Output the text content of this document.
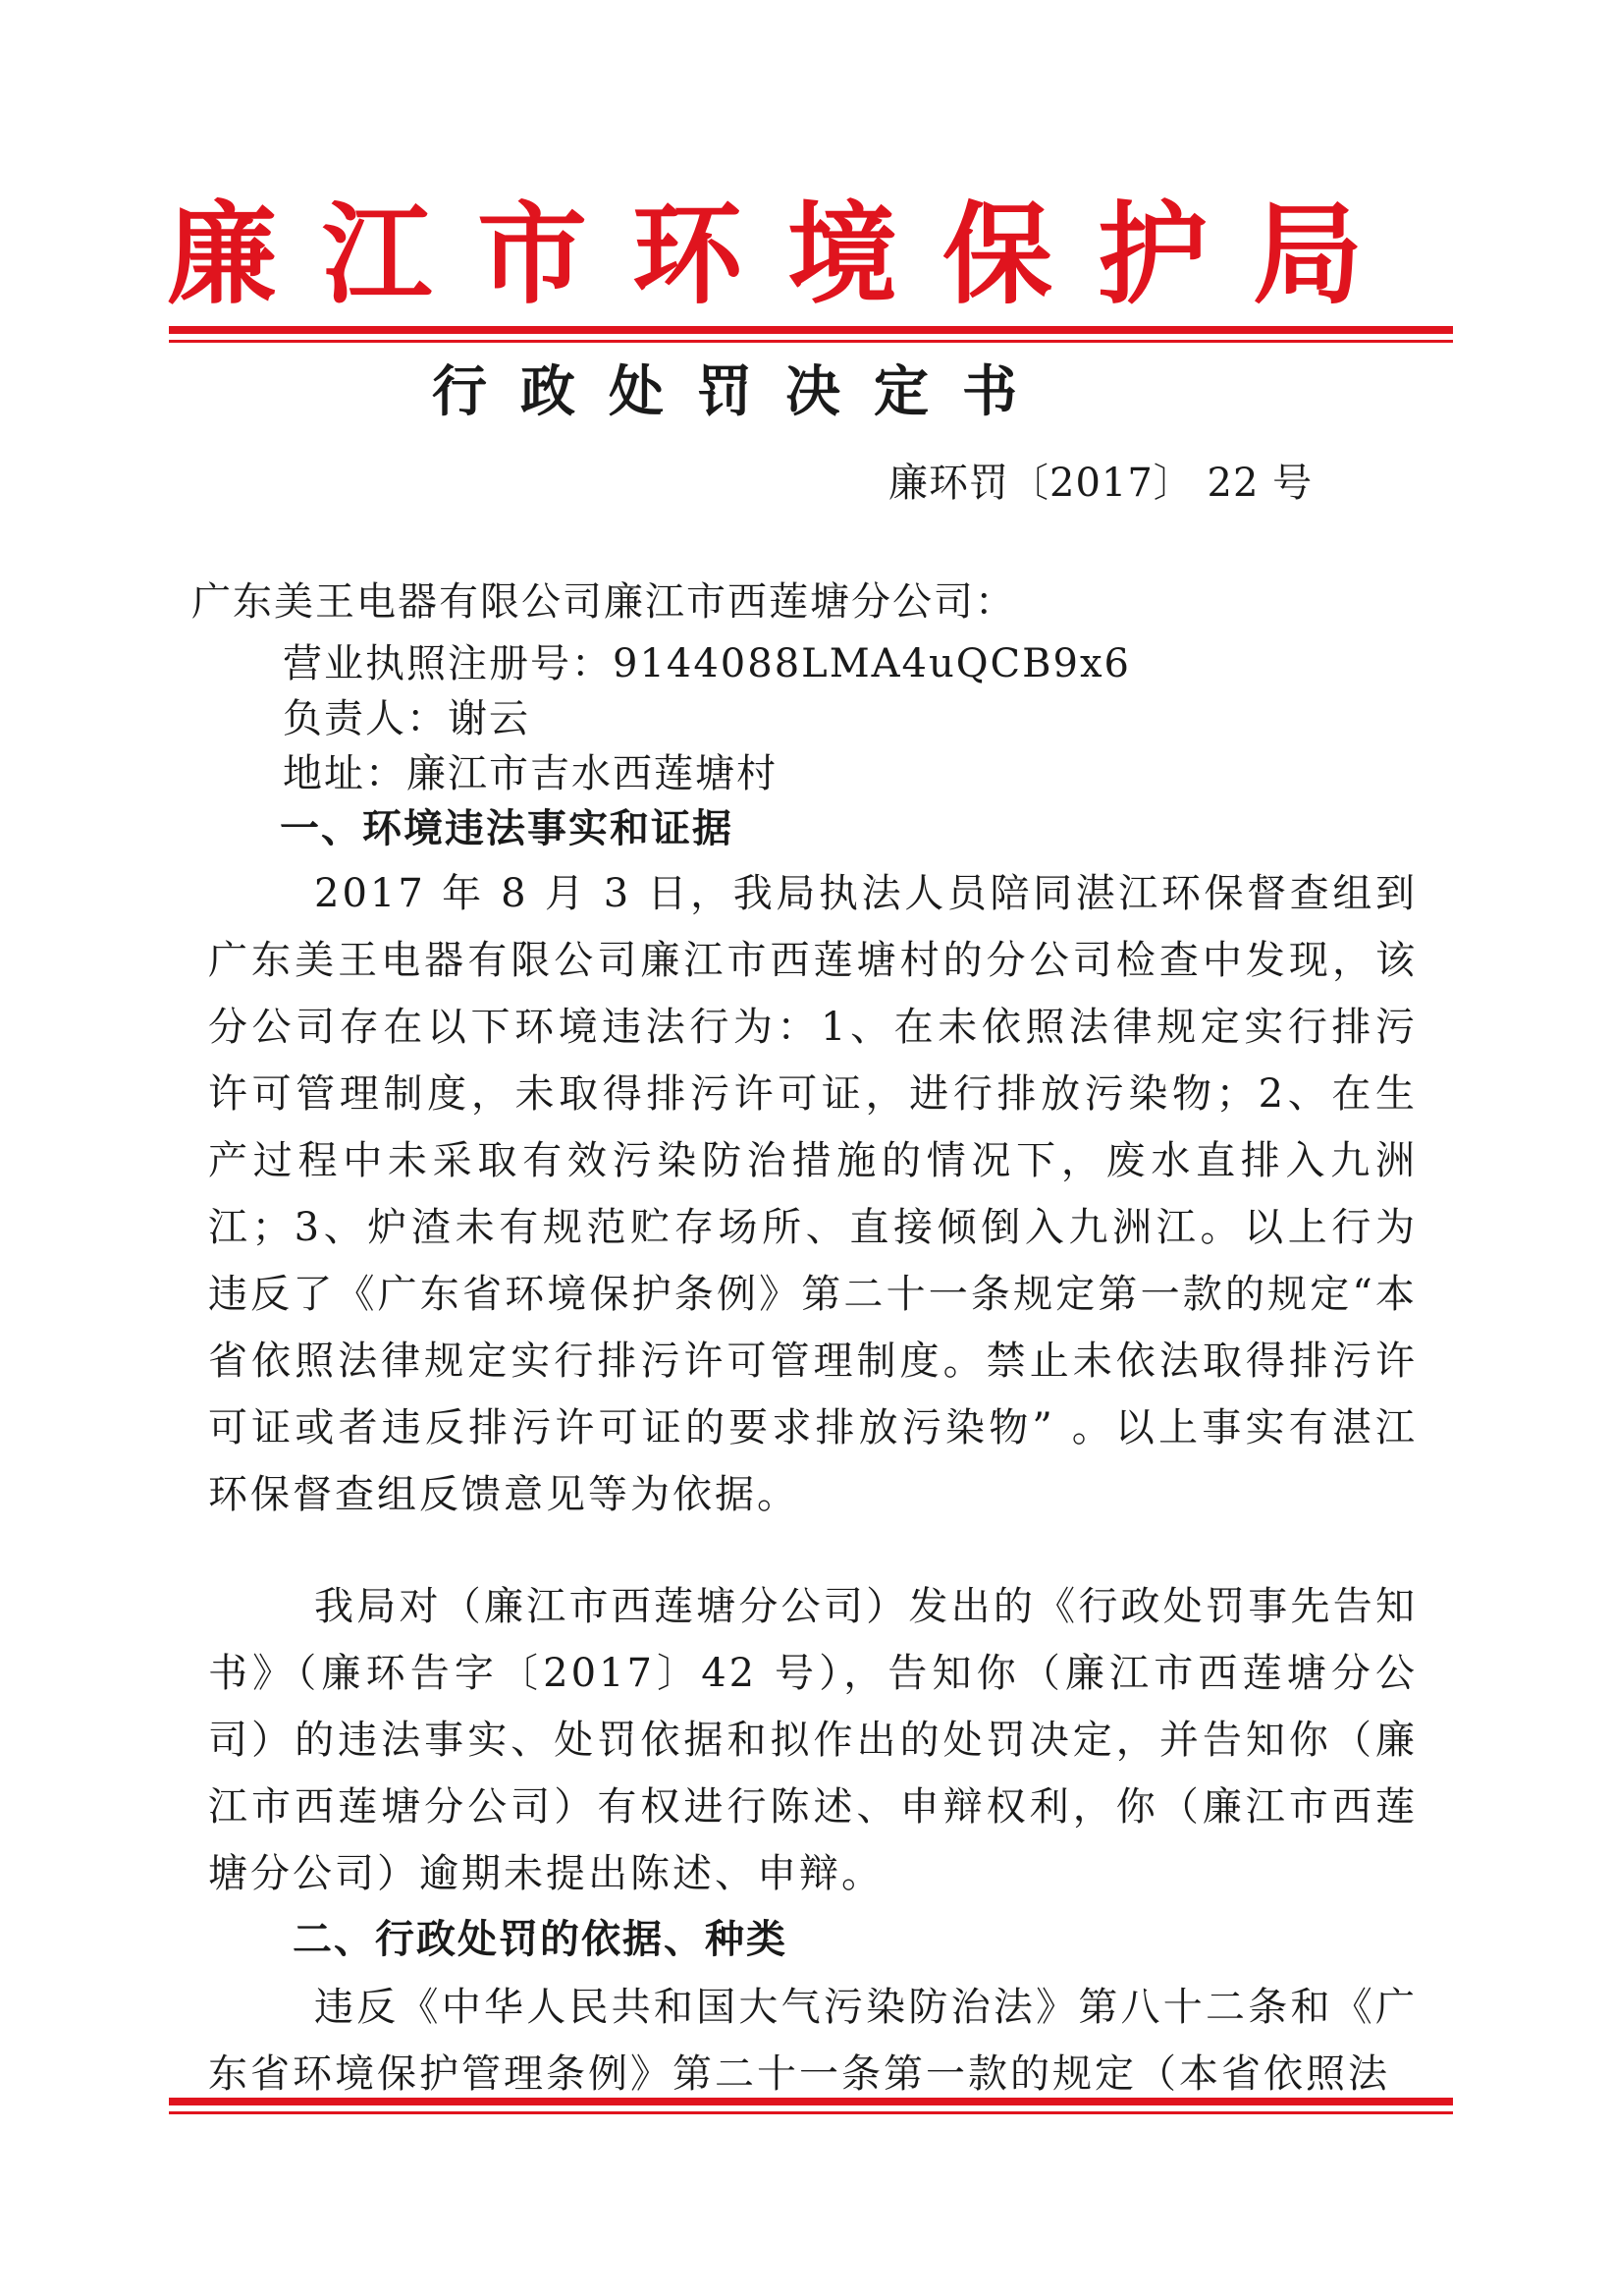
廉江市环境保护局
行政处罚决定书
廉环罚〔2017〕 22 号
广东美王电器有限公司廉江市西莲塘分公司：
营业执照注册号：9144088LMA4uQCB9x6
负责人：谢云
地址：廉江市吉水西莲塘村
一、环境违法事实和证据

2017 年 8 月 3 日，我局执法人员陪同湛江环保督查组到广东美王电器有限公司廉江市西莲塘村的分公司检查中发现，该分公司存在以下环境违法行为：1、在未依照法律规定实行排污许可管理制度，未取得排污许可证，进行排放污染物；2、在生产过程中未采取有效污染防治措施的情况下，废水直排入九洲江；3、炉渣未有规范贮存场所、直接倾倒入九洲江。以上行为违反了《广东省环境保护条例》第二十一条规定第一款的规定“本省依照法律规定实行排污许可管理制度。禁止未依法取得排污许可证或者违反排污许可证的要求排放污染物” 。以上事实有湛江环保督查组反馈意见等为依据。

我局对（廉江市西莲塘分公司）发出的《行政处罚事先告知书》（廉环告字〔2017〕42 号），告知你（廉江市西莲塘分公司）的违法事实、处罚依据和拟作出的处罚决定，并告知你（廉江市西莲塘分公司）有权进行陈述、申辩权利，你（廉江市西莲塘分公司）逾期未提出陈述、申辩。

二、行政处罚的依据、种类

违反《中华人民共和国大气污染防治法》第八十二条和《广东省环境保护管理条例》第二十一条第一款的规定（本省依照法
